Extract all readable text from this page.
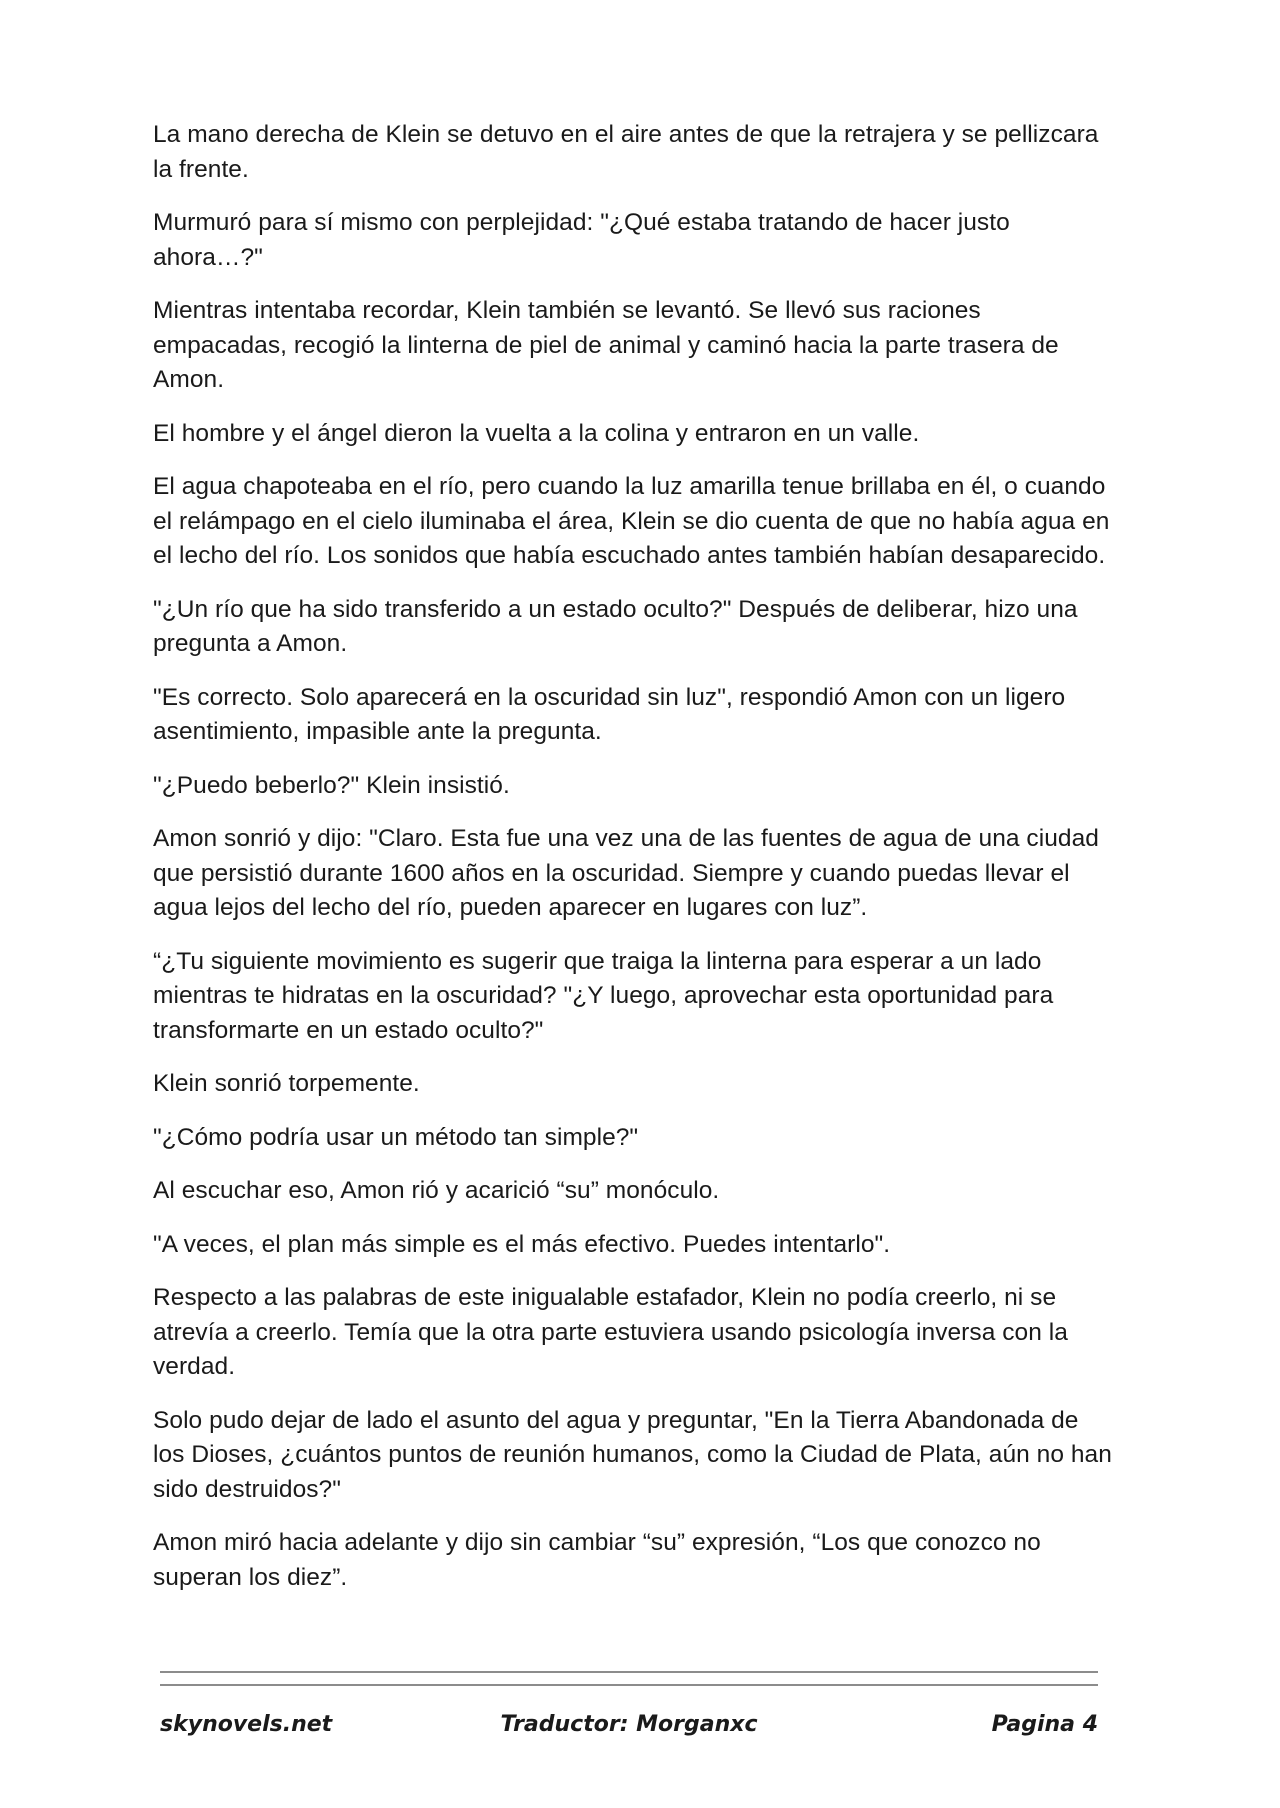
La mano derecha de Klein se detuvo en el aire antes de que la retrajera y se pellizcara la frente.

Murmuró para sí mismo con perplejidad: "¿Qué estaba tratando de hacer justo ahora…?"

Mientras intentaba recordar, Klein también se levantó. Se llevó sus raciones empacadas, recogió la linterna de piel de animal y caminó hacia la parte trasera de Amon.

El hombre y el ángel dieron la vuelta a la colina y entraron en un valle.

El agua chapoteaba en el río, pero cuando la luz amarilla tenue brillaba en él, o cuando el relámpago en el cielo iluminaba el área, Klein se dio cuenta de que no había agua en el lecho del río. Los sonidos que había escuchado antes también habían desaparecido.

"¿Un río que ha sido transferido a un estado oculto?" Después de deliberar, hizo una pregunta a Amon.

"Es correcto. Solo aparecerá en la oscuridad sin luz", respondió Amon con un ligero asentimiento, impasible ante la pregunta.

"¿Puedo beberlo?" Klein insistió.

Amon sonrió y dijo: "Claro. Esta fue una vez una de las fuentes de agua de una ciudad que persistió durante 1600 años en la oscuridad. Siempre y cuando puedas llevar el agua lejos del lecho del río, pueden aparecer en lugares con luz”.

“¿Tu siguiente movimiento es sugerir que traiga la linterna para esperar a un lado mientras te hidratas en la oscuridad? "¿Y luego, aprovechar esta oportunidad para transformarte en un estado oculto?"

Klein sonrió torpemente.

"¿Cómo podría usar un método tan simple?"

Al escuchar eso, Amon rió y acarició “su” monóculo.

"A veces, el plan más simple es el más efectivo. Puedes intentarlo".

Respecto a las palabras de este inigualable estafador, Klein no podía creerlo, ni se atrevía a creerlo. Temía que la otra parte estuviera usando psicología inversa con la verdad.

Solo pudo dejar de lado el asunto del agua y preguntar, "En la Tierra Abandonada de los Dioses, ¿cuántos puntos de reunión humanos, como la Ciudad de Plata, aún no han sido destruidos?"

Amon miró hacia adelante y dijo sin cambiar “su” expresión, “Los que conozco no superan los diez”.

skynovels.net	Traductor: Morganxc	Pagina 4
